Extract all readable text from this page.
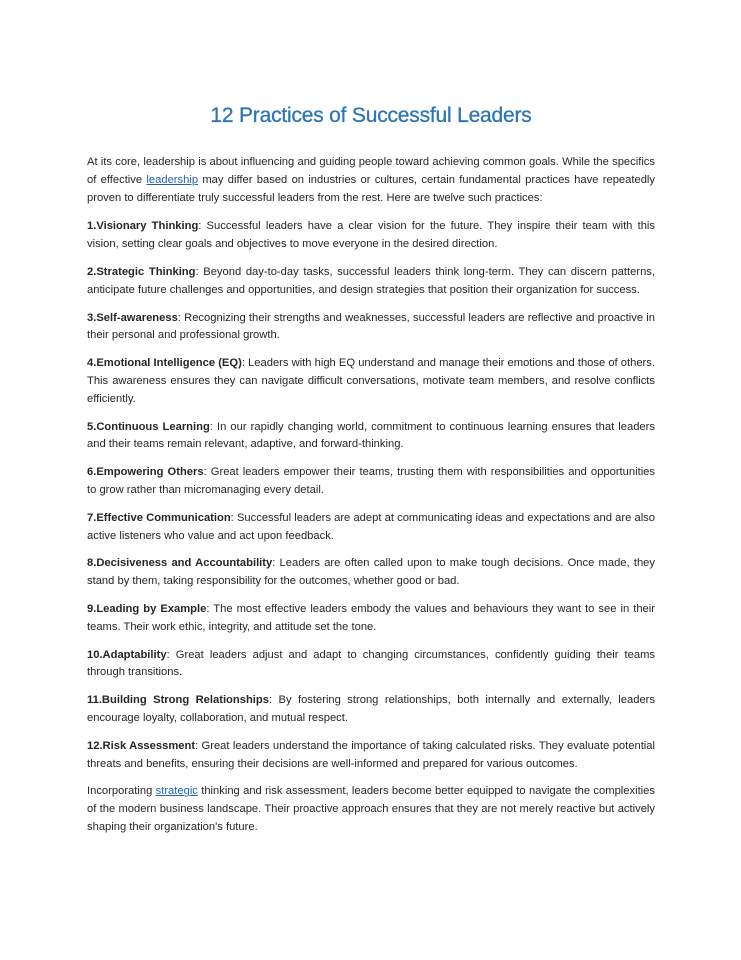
12 Practices of Successful Leaders

At its core, leadership is about influencing and guiding people toward achieving common goals. While the specifics of effective leadership may differ based on industries or cultures, certain fundamental practices have repeatedly proven to differentiate truly successful leaders from the rest. Here are twelve such practices:

1.Visionary Thinking: Successful leaders have a clear vision for the future. They inspire their team with this vision, setting clear goals and objectives to move everyone in the desired direction.

2.Strategic Thinking: Beyond day-to-day tasks, successful leaders think long-term. They can discern patterns, anticipate future challenges and opportunities, and design strategies that position their organization for success.

3.Self-awareness: Recognizing their strengths and weaknesses, successful leaders are reflective and proactive in their personal and professional growth.

4.Emotional Intelligence (EQ): Leaders with high EQ understand and manage their emotions and those of others. This awareness ensures they can navigate difficult conversations, motivate team members, and resolve conflicts efficiently.

5.Continuous Learning: In our rapidly changing world, commitment to continuous learning ensures that leaders and their teams remain relevant, adaptive, and forward-thinking.

6.Empowering Others: Great leaders empower their teams, trusting them with responsibilities and opportunities to grow rather than micromanaging every detail.

7.Effective Communication: Successful leaders are adept at communicating ideas and expectations and are also active listeners who value and act upon feedback.

8.Decisiveness and Accountability: Leaders are often called upon to make tough decisions. Once made, they stand by them, taking responsibility for the outcomes, whether good or bad.

9.Leading by Example: The most effective leaders embody the values and behaviours they want to see in their teams. Their work ethic, integrity, and attitude set the tone.

10.Adaptability: Great leaders adjust and adapt to changing circumstances, confidently guiding their teams through transitions.

11.Building Strong Relationships: By fostering strong relationships, both internally and externally, leaders encourage loyalty, collaboration, and mutual respect.

12.Risk Assessment: Great leaders understand the importance of taking calculated risks. They evaluate potential threats and benefits, ensuring their decisions are well-informed and prepared for various outcomes.

Incorporating strategic thinking and risk assessment, leaders become better equipped to navigate the complexities of the modern business landscape. Their proactive approach ensures that they are not merely reactive but actively shaping their organization's future.
